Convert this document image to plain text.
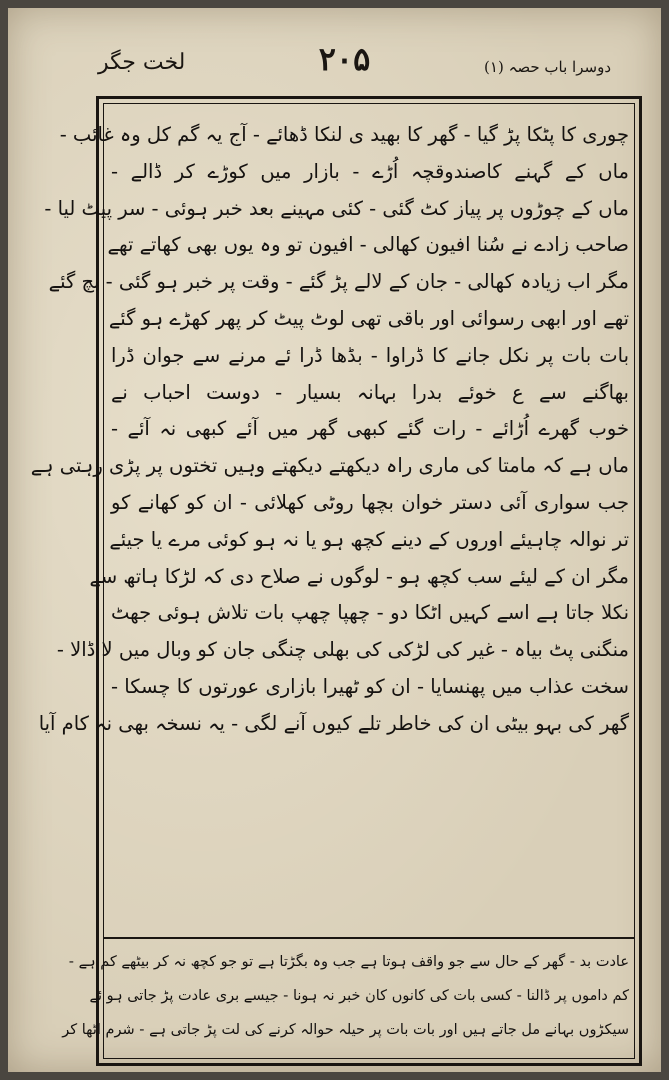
دوسرا باب حصہ (۱)
۲۰۵
لخت جگر
چوری کا پٹکا پڑ گیا - گھر کا بھید ی لنکا ڈھائے - آج یہ گم کل وہ غائب -
ماں کے گہنے کاصندوقچہ اُڑے - بازار میں کوڑے کر ڈالے -
ماں کے چوڑوں پر پیاز کٹ گئی - کئی مہینے بعد خبر ہوئی - سر پیٹ لیا -
صاحب زادے نے سُنا افیون کھالی - افیون تو وہ یوں بھی کھاتے تھے
مگر اب زیادہ کھالی - جان کے لالے پڑ گئے - وقت پر خبر ہو گئی - بچ گئے
تھے اور ابھی رسوائی اور باقی تھی لوٹ پیٹ کر پھر کھڑے ہو گئے
بات بات پر نکل جانے کا ڈراوا - بڈھا ڈرا ئے مرنے سے جوان ڈرا
بھاگنے سے ع خوئے بدرا بہانہ بسیار - دوست احباب نے
خوب گھرے اُڑائے - رات گئے کبھی گھر میں آئے کبھی نہ آئے -
ماں ہے کہ مامتا کی ماری راہ دیکھتے دیکھتے وہیں تختوں پر پڑی رہتی ہے
جب سواری آئی دستر خوان بچھا روٹی کھلائی - ان کو کھانے کو
تر نوالہ چاہیئے اوروں کے دینے کچھ ہو یا نہ ہو کوئی مرے یا جیئے
مگر ان کے لیئے سب کچھ ہو - لوگوں نے صلاح دی کہ لڑکا ہاتھ سے
نکلا جاتا ہے اسے کہیں اٹکا دو - چھپا چھپ بات تلاش ہوئی جھٹ
منگنی پٹ بیاہ - غیر کی لڑکی کی بھلی چنگی جان کو وبال میں لا ڈالا -
سخت عذاب میں پھنسایا - ان کو ٹھیرا بازاری عورتوں کا چسکا -
گھر کی بہو بیٹی ان کی خاطر تلے کیوں آنے لگی - یہ نسخہ بھی نہ کام آیا
عادت بد - گھر کے حال سے جو واقف ہوتا ہے جب وہ بگڑتا ہے تو جو کچھ نہ کر بیٹھے کم ہے -
کم داموں پر ڈالنا - کسی بات کی کانوں کان خبر نہ ہونا - جیسے بری عادت پڑ جاتی ہو ئے
سیکڑوں بہانے مل جاتے ہیں اور بات بات پر حیلہ حوالہ کرنے کی لت پڑ جاتی ہے - شرم اٹھا کر
